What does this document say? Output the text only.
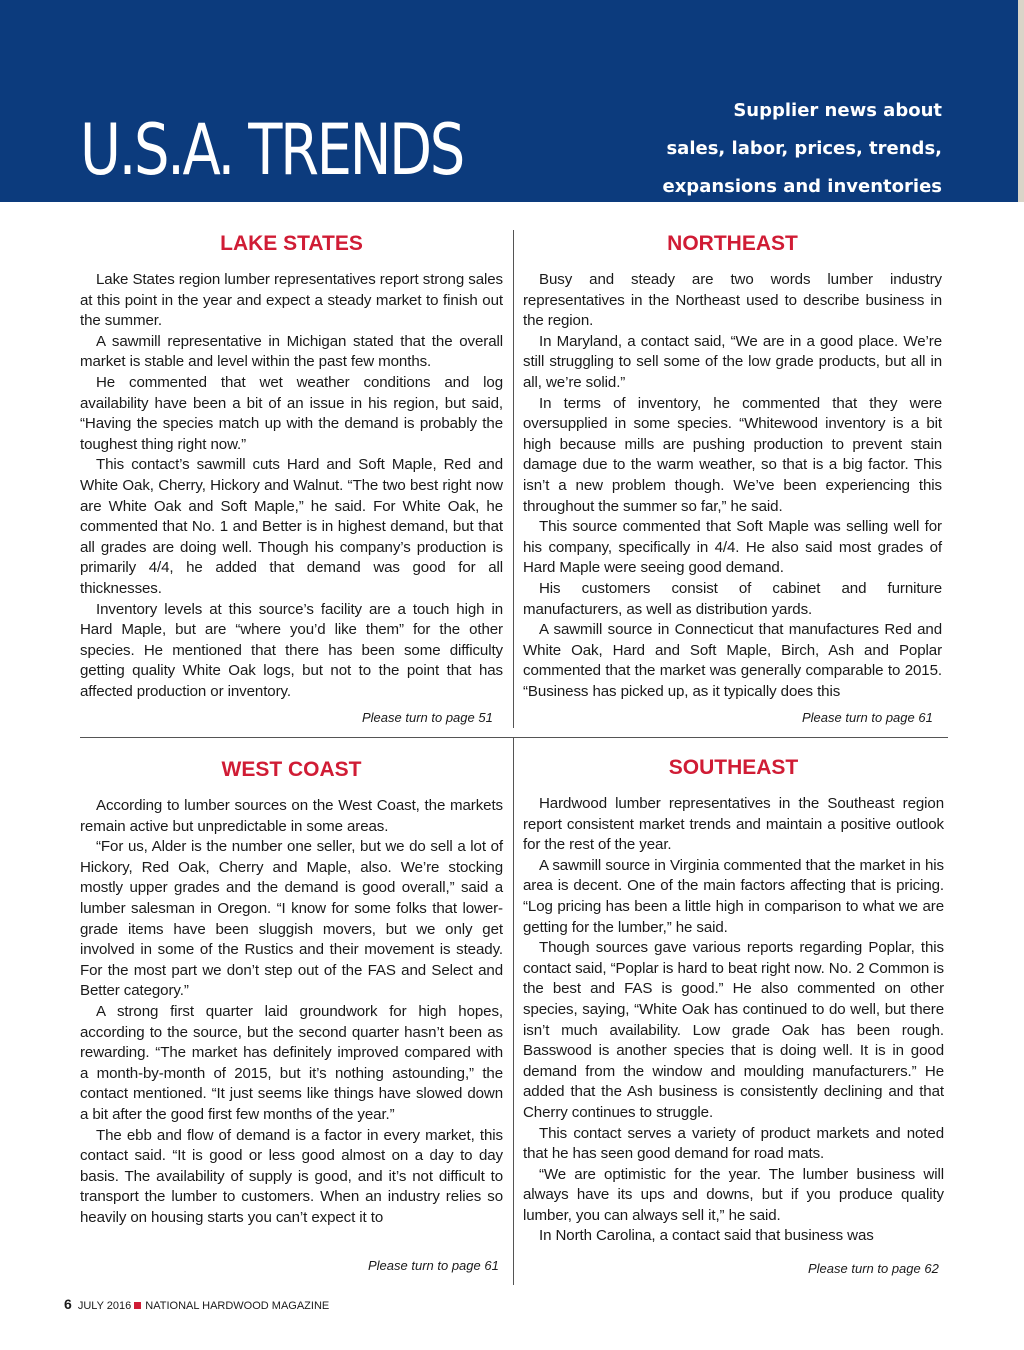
U.S.A. TRENDS	Supplier news about
sales, labor, prices, trends,
expansions and inventories
LAKE STATES

Lake States region lumber representatives report strong sales at this point in the year and expect a steady market to finish out the summer.

A sawmill representative in Michigan stated that the overall market is stable and level within the past few months.

He commented that wet weather conditions and log availability have been a bit of an issue in his region, but said, “Having the species match up with the demand is probably the toughest thing right now.”

This contact’s sawmill cuts Hard and Soft Maple, Red and White Oak, Cherry, Hickory and Walnut. “The two best right now are White Oak and Soft Maple,” he said. For White Oak, he commented that No. 1 and Better is in highest demand, but that all grades are doing well. Though his company’s production is primarily 4/4, he added that demand was good for all thicknesses.

Inventory levels at this source’s facility are a touch high in Hard Maple, but are “where you’d like them” for the other species. He mentioned that there has been some difficulty getting quality White Oak logs, but not to the point that has affected production or inventory.

Please turn to page 51
NORTHEAST

Busy and steady are two words lumber industry representatives in the Northeast used to describe business in the region.

In Maryland, a contact said, “We are in a good place. We’re still struggling to sell some of the low grade products, but all in all, we’re solid.”

In terms of inventory, he commented that they were oversupplied in some species. “Whitewood inventory is a bit high because mills are pushing production to prevent stain damage due to the warm weather, so that is a big factor. This isn’t a new problem though. We’ve been experiencing this throughout the summer so far,” he said.

This source commented that Soft Maple was selling well for his company, specifically in 4/4. He also said most grades of Hard Maple were seeing good demand.

His customers consist of cabinet and furniture manufacturers, as well as distribution yards.

A sawmill source in Connecticut that manufactures Red and White Oak, Hard and Soft Maple, Birch, Ash and Poplar commented that the market was generally comparable to 2015. “Business has picked up, as it typically does this

Please turn to page 61
WEST COAST

According to lumber sources on the West Coast, the markets remain active but unpredictable in some areas.

“For us, Alder is the number one seller, but we do sell a lot of Hickory, Red Oak, Cherry and Maple, also. We’re stocking mostly upper grades and the demand is good overall,” said a lumber salesman in Oregon. “I know for some folks that lower-grade items have been sluggish movers, but we only get involved in some of the Rustics and their movement is steady. For the most part we don’t step out of the FAS and Select and Better category.”

A strong first quarter laid groundwork for high hopes, according to the source, but the second quarter hasn’t been as rewarding. “The market has definitely improved compared with a month-by-month of 2015, but it’s nothing astounding,” the contact mentioned. “It just seems like things have slowed down a bit after the good first few months of the year.”

The ebb and flow of demand is a factor in every market, this contact said. “It is good or less good almost on a day to day basis. The availability of supply is good, and it’s not difficult to transport the lumber to customers. When an industry relies so heavily on housing starts you can’t expect it to

Please turn to page 61
SOUTHEAST

Hardwood lumber representatives in the Southeast region report consistent market trends and maintain a positive outlook for the rest of the year.

A sawmill source in Virginia commented that the market in his area is decent. One of the main factors affecting that is pricing. “Log pricing has been a little high in comparison to what we are getting for the lumber,” he said.

Though sources gave various reports regarding Poplar, this contact said, “Poplar is hard to beat right now. No. 2 Common is the best and FAS is good.” He also commented on other species, saying, “White Oak has continued to do well, but there isn’t much availability. Low grade Oak has been rough. Basswood is another species that is doing well. It is in good demand from the window and moulding manufacturers.” He added that the Ash business is consistently declining and that Cherry continues to struggle.

This contact serves a variety of product markets and noted that he has seen good demand for road mats.

“We are optimistic for the year. The lumber business will always have its ups and downs, but if you produce quality lumber, you can always sell it,” he said.

In North Carolina, a contact said that business was

Please turn to page 62
6 JULY 2016 NATIONAL HARDWOOD MAGAZINE
